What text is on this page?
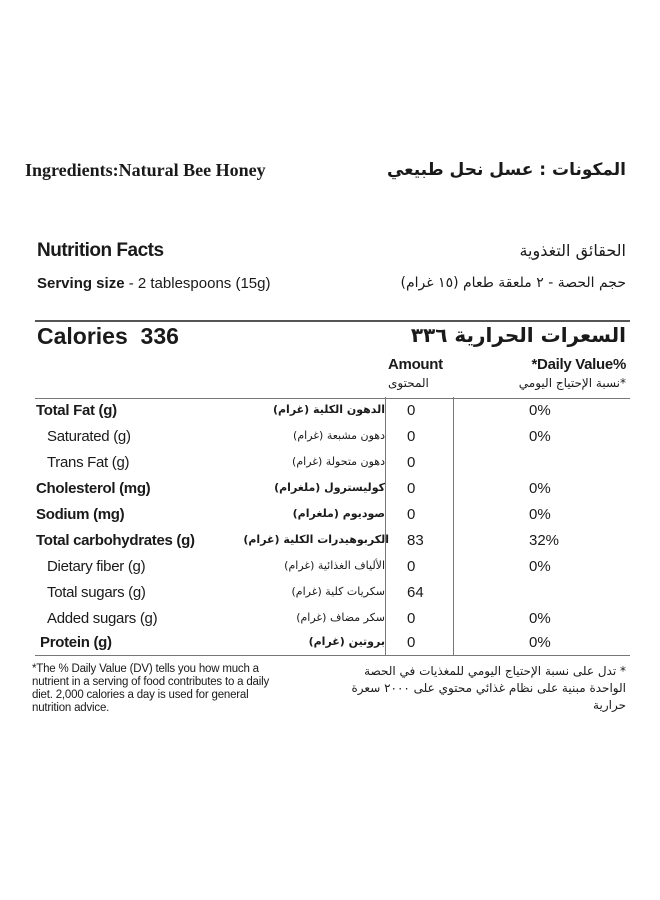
Ingredients:Natural Bee Honey	المكونات : عسل نحل طبيعي
Nutrition Facts	الحقائق التغذوية
Serving size - 2 tablespoons (15g)	حجم الحصة - ٢ ملعقة طعام (١٥ غرام)
Calories  336	السعرات الحرارية ٣٣٦
Amount	*Daily Value%
المحتوى	*نسبة الإحتياج اليومي
Total Fat (g)	الدهون الكلية (غرام) 0	0%
Saturated (g)	دهون مشبعة (غرام) 0	0%
Trans Fat (g)	دهون متحولة (غرام) 0
Cholesterol (mg)	كوليسترول (ملغرام) 0	0%
Sodium (mg)	صوديوم (ملغرام) 0	0%
Total carbohydrates (g)	الكربوهيدرات الكلية (غرام) 83	32%
Dietary fiber (g)	الألياف الغذائية (غرام) 0	0%
Total sugars (g)	سكريات كلية (غرام) 64
Added sugars (g)	سكر مضاف (غرام) 0	0%
Protein (g)	بروتين (غرام) 0	0%
*The % Daily Value (DV) tells you how much a nutrient in a serving of food contributes to a daily diet. 2,000 calories a day is used for general nutrition advice.
* تدل على نسبة الإحتياج اليومي للمغذيات في الحصة الواحدة مبنية على نظام غذائي محتوي على ٢٠٠٠ سعرة حرارية
